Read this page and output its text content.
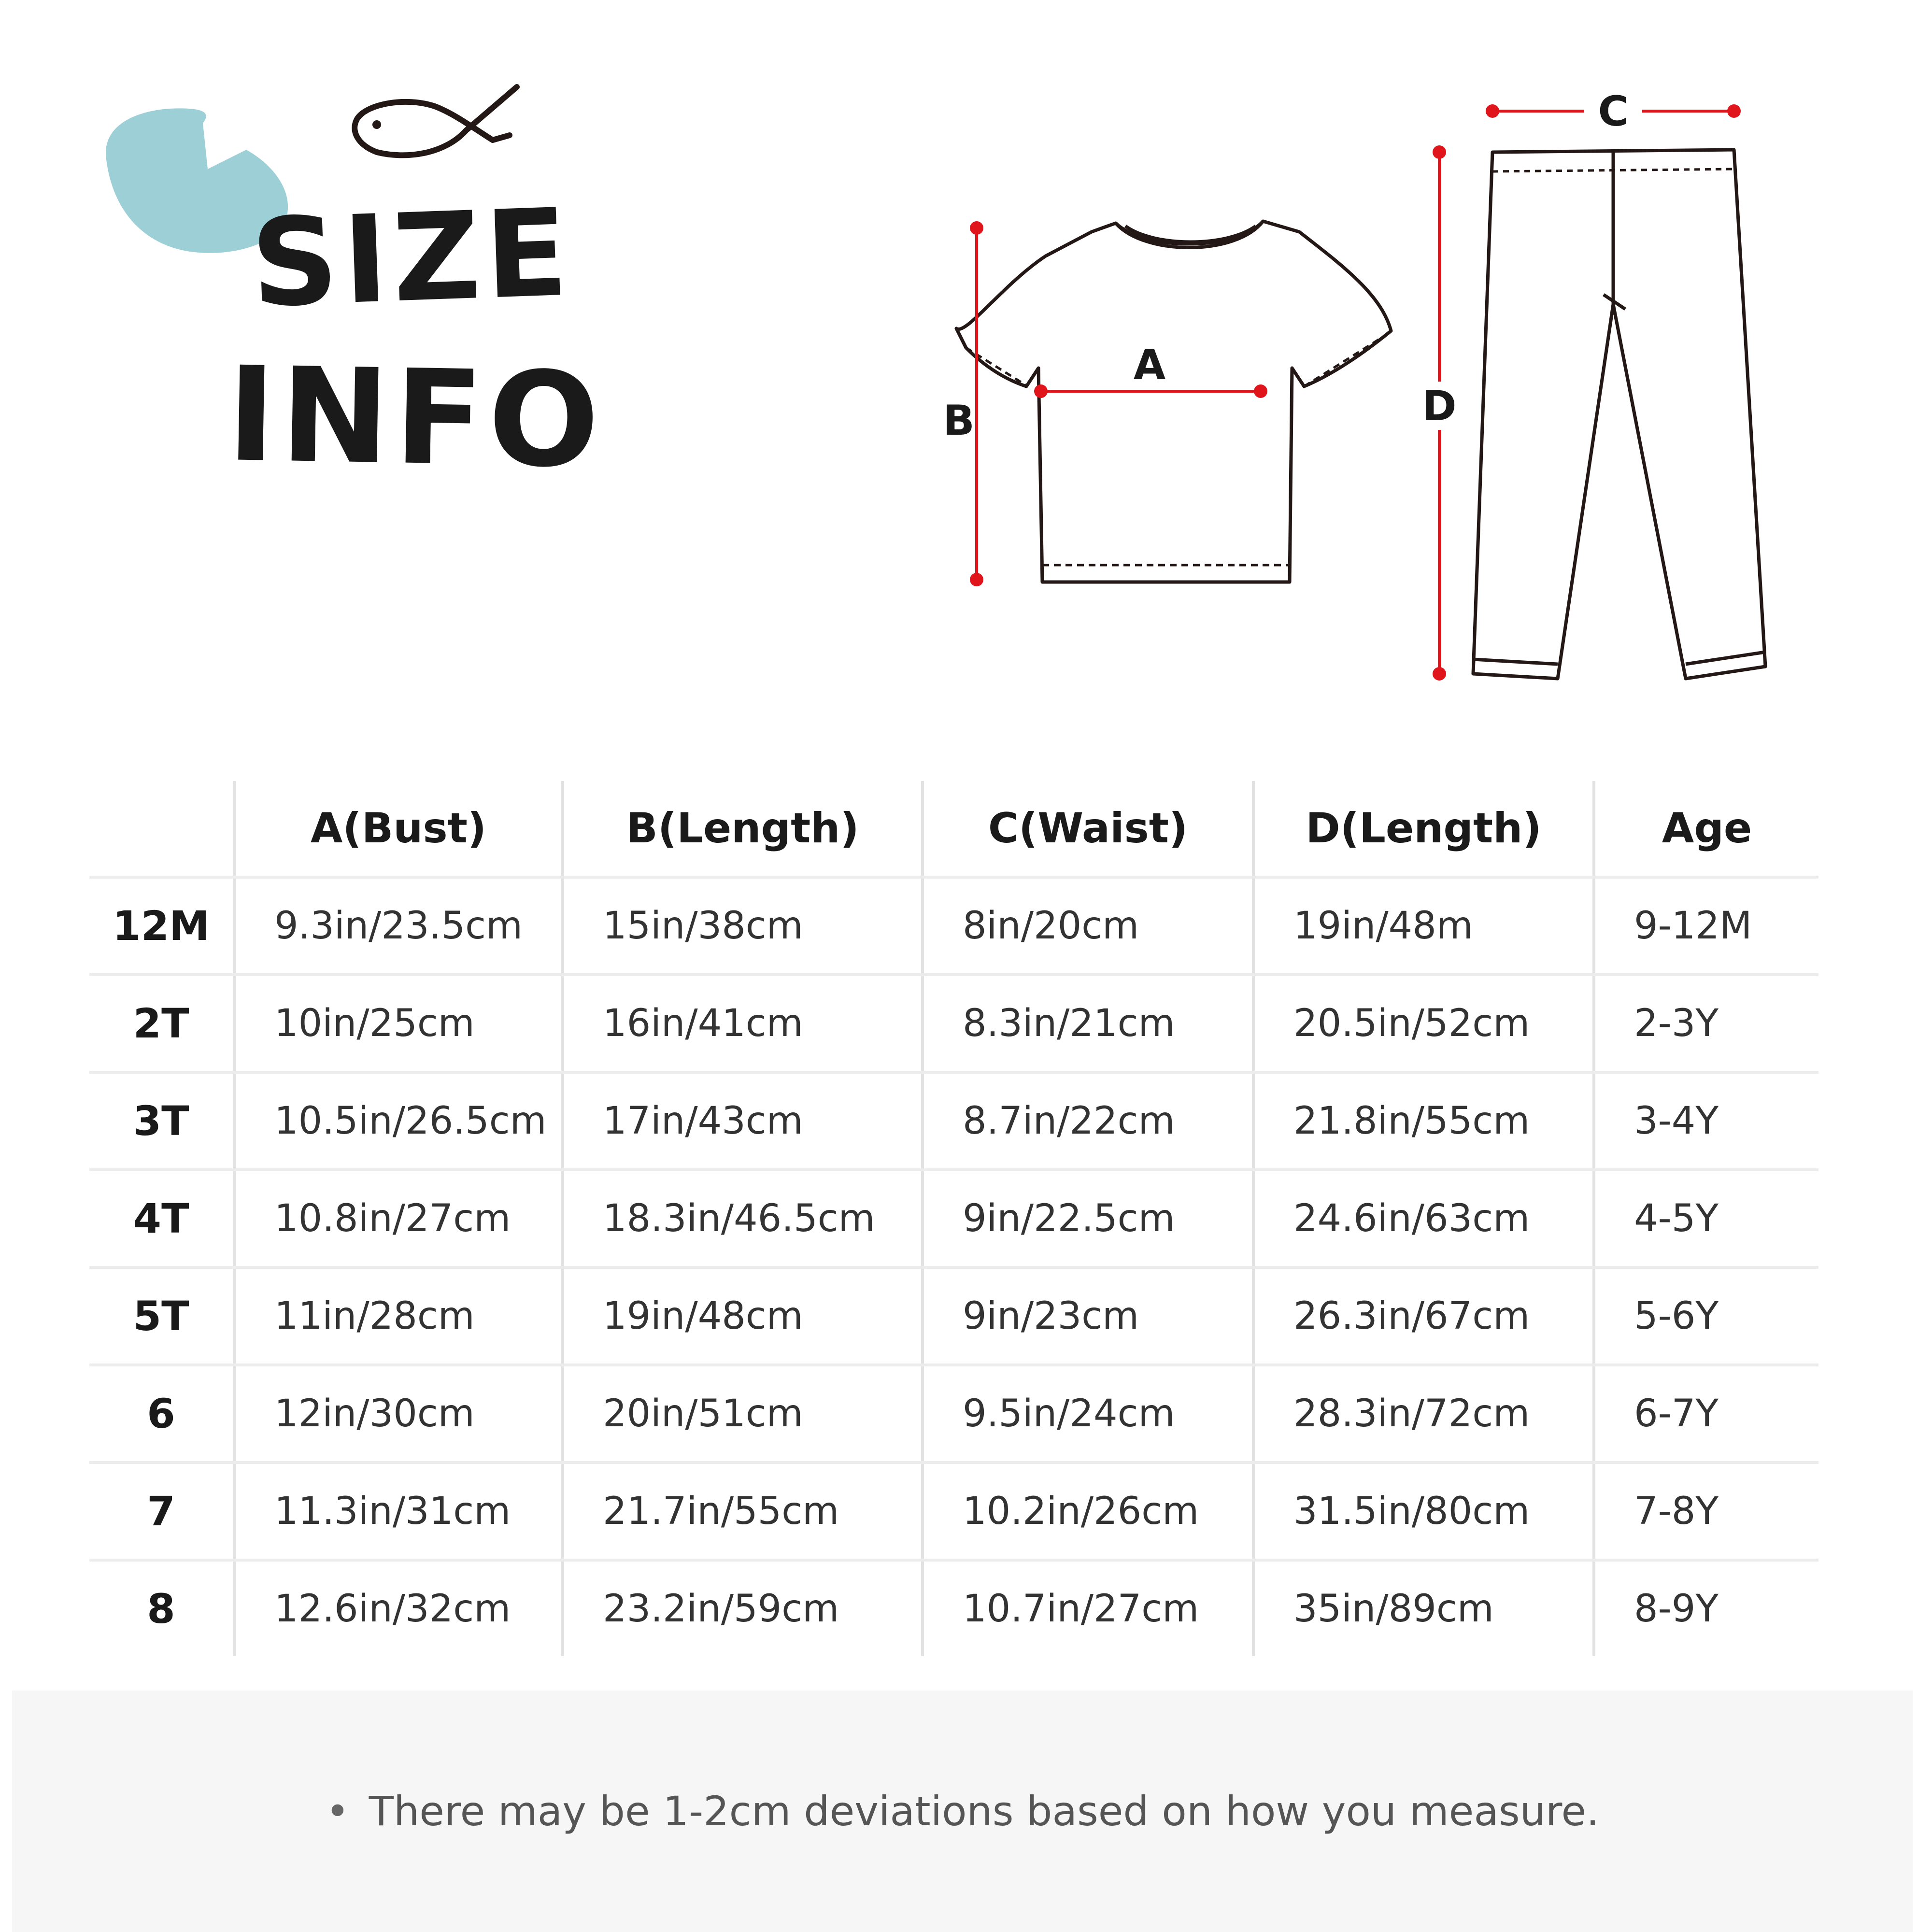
SIZE
INFO	A
B
C
D
	A(Bust)	B(Length)	C(Waist)	D(Length)	Age
12M	9.3in/23.5cm	15in/38cm	8in/20cm	19in/48m	9-12M
2T	10in/25cm	16in/41cm	8.3in/21cm	20.5in/52cm	2-3Y
3T	10.5in/26.5cm	17in/43cm	8.7in/22cm	21.8in/55cm	3-4Y
4T	10.8in/27cm	18.3in/46.5cm	9in/22.5cm	24.6in/63cm	4-5Y
5T	11in/28cm	19in/48cm	9in/23cm	26.3in/67cm	5-6Y
6	12in/30cm	20in/51cm	9.5in/24cm	28.3in/72cm	6-7Y
7	11.3in/31cm	21.7in/55cm	10.2in/26cm	31.5in/80cm	7-8Y
8	12.6in/32cm	23.2in/59cm	10.7in/27cm	35in/89cm	8-9Y
• There may be 1-2cm deviations based on how you measure.
